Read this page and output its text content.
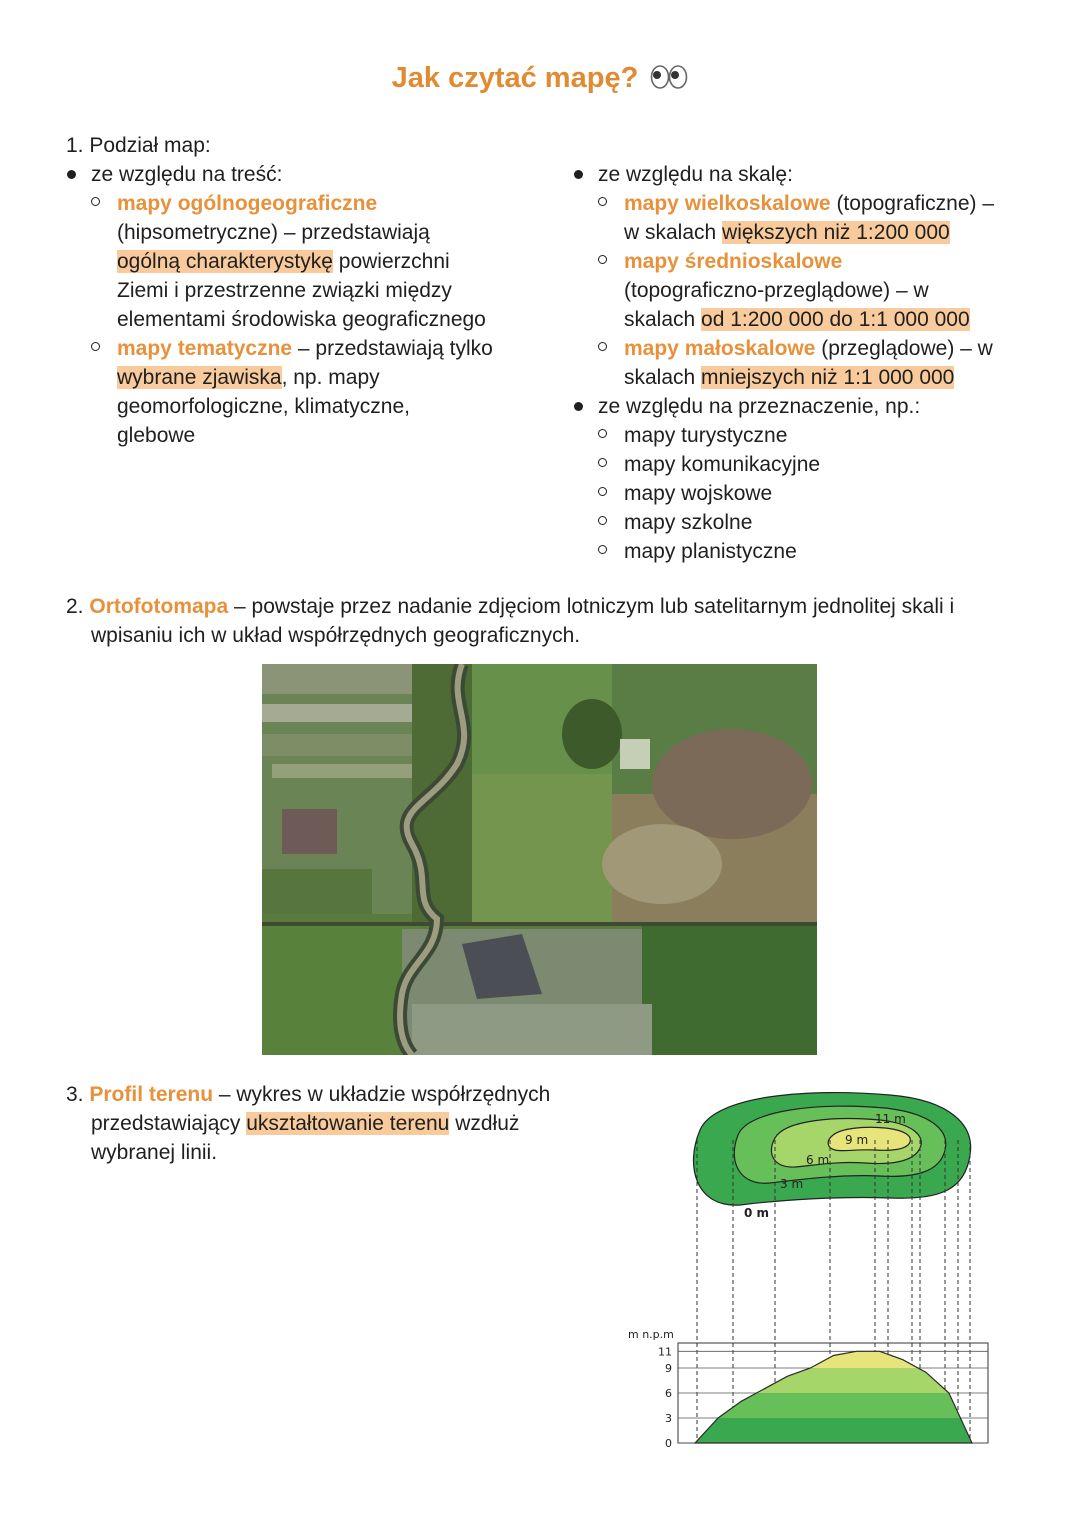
Jak czytać mapę?
1. Podział map:
ze względu na treść:
mapy ogólnogeograficzne
(hipsometryczne) – przedstawiają
ogólną charakterystykę powierzchni
Ziemi i przestrzenne związki między
elementami środowiska geograficznego
mapy tematyczne – przedstawiają tylko
wybrane zjawiska, np. mapy
geomorfologiczne, klimatyczne,
glebowe
ze względu na skalę:
mapy wielkoskalowe (topograficzne) –
w skalach większych niż 1:200 000
mapy średnioskalowe
(topograficzno-przeglądowe) – w
skalach od 1:200 000 do 1:1 000 000
mapy małoskalowe (przeglądowe) – w
skalach mniejszych niż 1:1 000 000
ze względu na przeznaczenie, np.:
mapy turystyczne
mapy komunikacyjne
mapy wojskowe
mapy szkolne
mapy planistyczne
2. Ortofotomapa – powstaje przez nadanie zdjęciom lotniczym lub satelitarnym jednolitej skali i
wpisaniu ich w układ współrzędnych geograficznych.
3. Profil terenu – wykres w układzie współrzędnych
przedstawiający ukształtowanie terenu wzdłuż
wybranej linii.
0 m
3 m
6 m
9 m
11 m
0
3
6
9
11
m n.p.m
